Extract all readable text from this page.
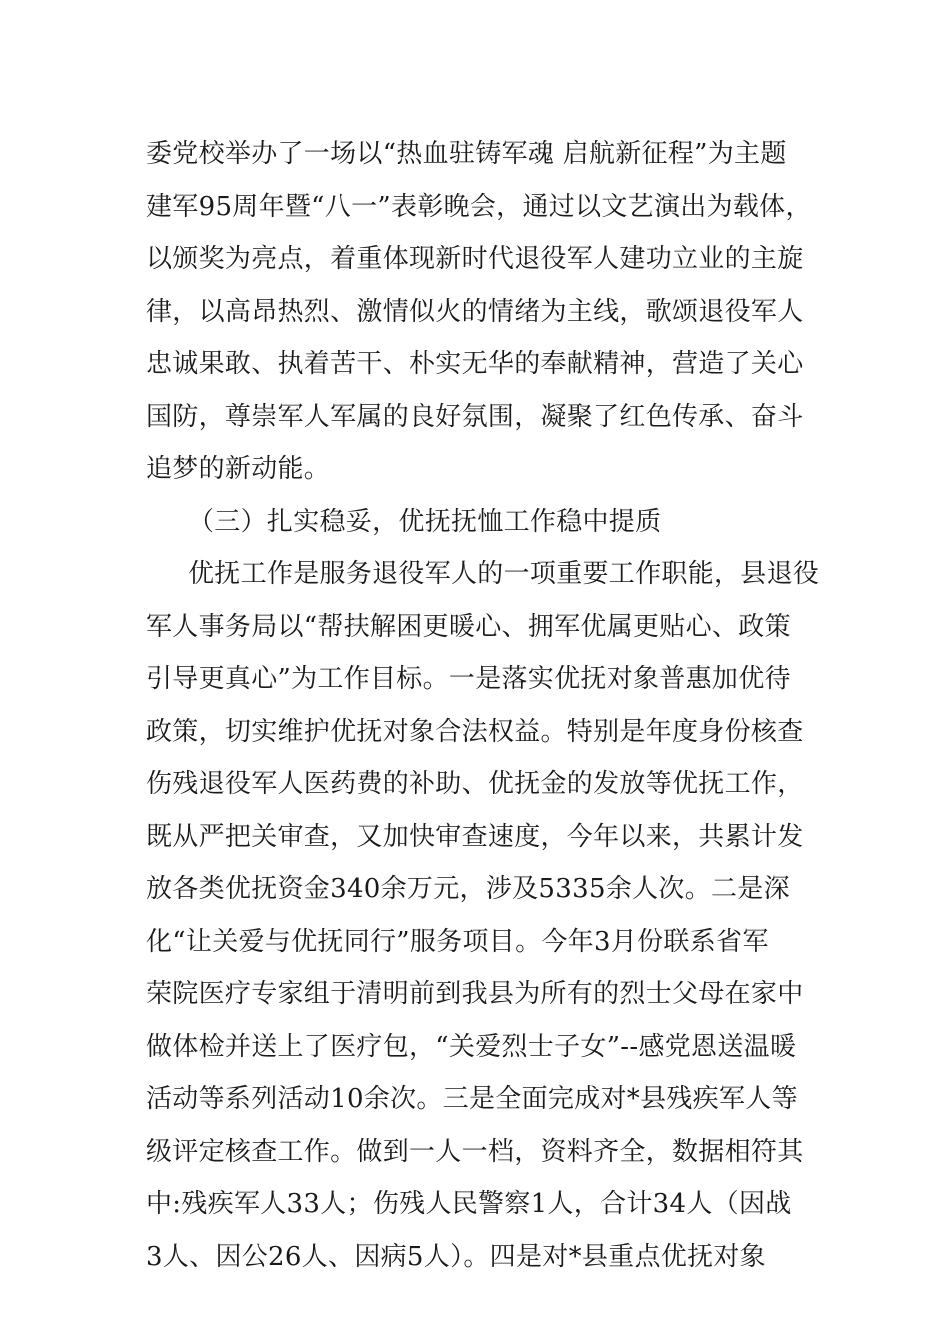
委党校举办了一场以“热血驻铸军魂 启航新征程”为主题
建军95周年暨“八一”表彰晚会，通过以文艺演出为载体，
以颁奖为亮点，着重体现新时代退役军人建功立业的主旋
律，以高昂热烈、激情似火的情绪为主线，歌颂退役军人
忠诚果敢、执着苦干、朴实无华的奉献精神，营造了关心
国防，尊崇军人军属的良好氛围，凝聚了红色传承、奋斗
追梦的新动能。
（三）扎实稳妥，优抚抚恤工作稳中提质
优抚工作是服务退役军人的一项重要工作职能，县退役
军人事务局以“帮扶解困更暖心、拥军优属更贴心、政策
引导更真心”为工作目标。一是落实优抚对象普惠加优待
政策，切实维护优抚对象合法权益。特别是年度身份核查
伤残退役军人医药费的补助、优抚金的发放等优抚工作，
既从严把关审查，又加快审查速度，今年以来，共累计发
放各类优抚资金340余万元，涉及5335余人次。二是深
化“让关爱与优抚同行”服务项目。今年3月份联系省军
荣院医疗专家组于清明前到我县为所有的烈士父母在家中
做体检并送上了医疗包，“关爱烈士子女”--感党恩送温暖
活动等系列活动10余次。三是全面完成对*县残疾军人等
级评定核查工作。做到一人一档，资料齐全，数据相符其
中:残疾军人33人；伤残人民警察1人，合计34人（因战
3人、因公26人、因病5人）。四是对*县重点优抚对象
